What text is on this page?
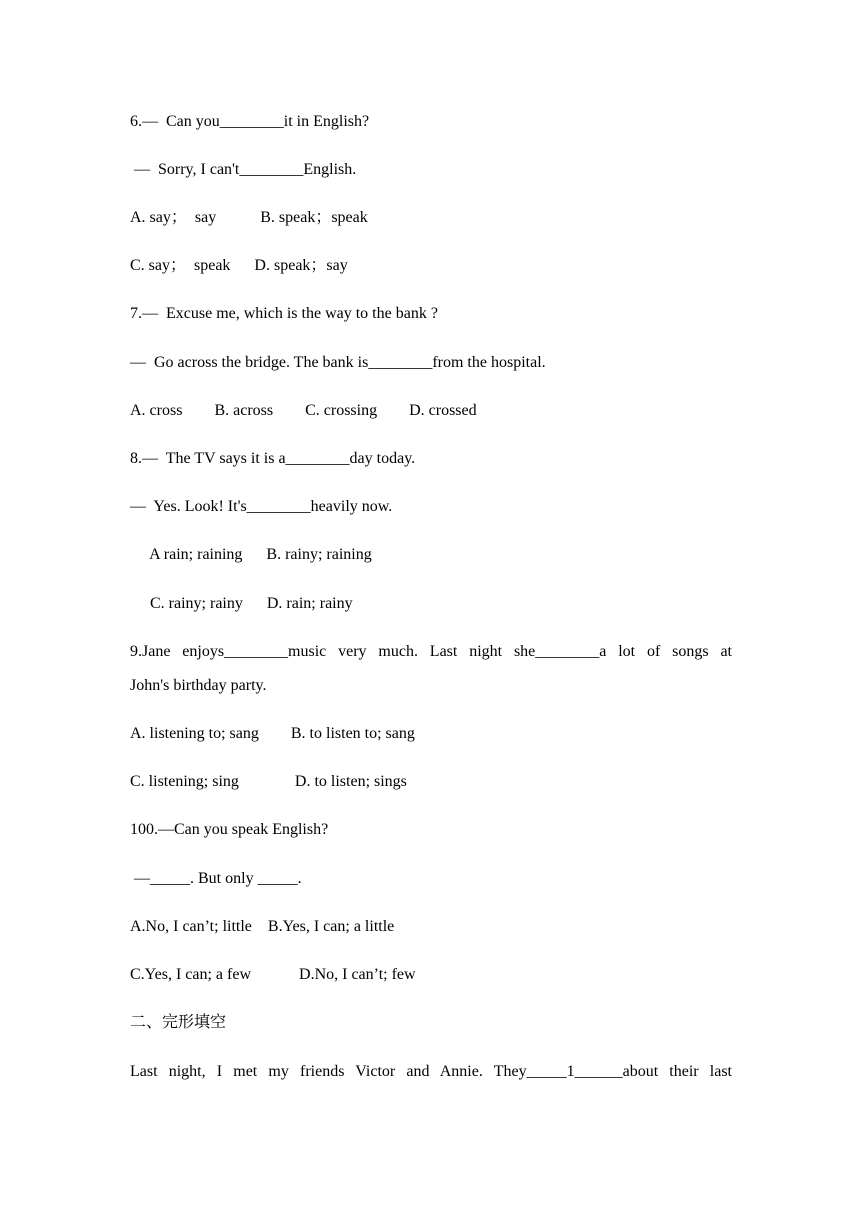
6.—  Can you________it in English?
—  Sorry, I can't________English.
A. say；  say           B. speak；speak
C. say；  speak      D. speak；say
7.—  Excuse me, which is the way to the bank ?
—  Go across the bridge. The bank is________from the hospital.
A. cross        B. across        C. crossing        D. crossed
8.—  The TV says it is a________day today.
—  Yes. Look! It's________heavily now.
A rain; raining      B. rainy; raining
C. rainy; rainy      D. rain; rainy
9.Jane enjoys________music very much. Last night she________a lot of songs at
John's birthday party.
A. listening to; sang        B. to listen to; sang
C. listening; sing              D. to listen; sings
100.—Can you speak English?
—_____. But only _____.
A.No, I can’t; little    B.Yes, I can; a little
C.Yes, I can; a few            D.No, I can’t; few
二、完形填空
Last night, I met my friends Victor and Annie. They_____1______about their last
